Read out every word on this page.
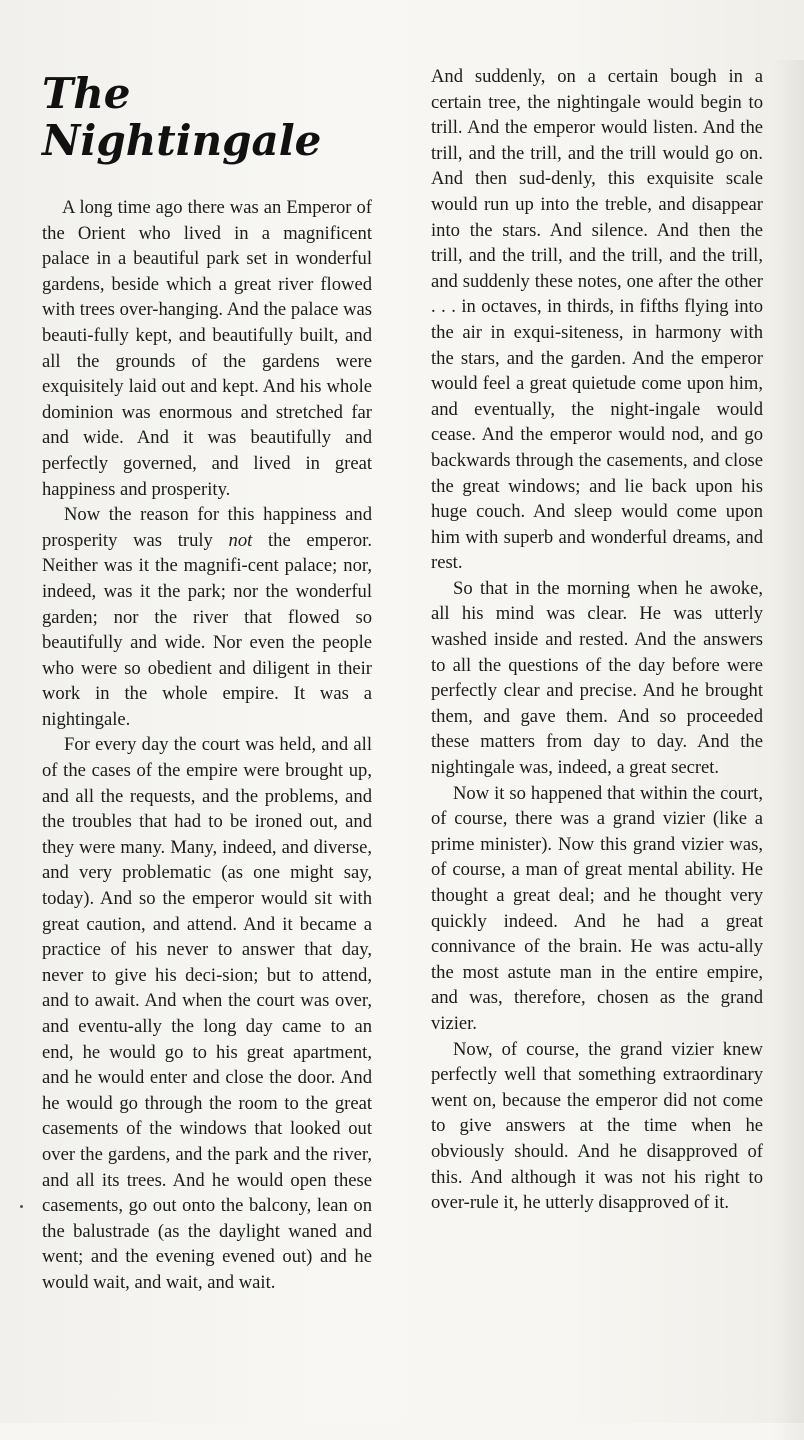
The
Nightingale

A long time ago there was an Emperor of the Orient who lived in a magnificent palace in a beautiful park set in wonderful gardens, beside which a great river flowed with trees over-hanging. And the palace was beauti-fully kept, and beautifully built, and all the grounds of the gardens were exquisitely laid out and kept. And his whole dominion was enormous and stretched far and wide. And it was beautifully and perfectly governed, and lived in great happiness and prosperity.

Now the reason for this happiness and prosperity was truly not the emperor. Neither was it the magnifi-cent palace; nor, indeed, was it the park; nor the wonderful garden; nor the river that flowed so beautifully and wide. Nor even the people who were so obedient and diligent in their work in the whole empire. It was a nightingale.

For every day the court was held, and all of the cases of the empire were brought up, and all the requests, and the problems, and the troubles that had to be ironed out, and they were many. Many, indeed, and diverse, and very problematic (as one might say, today). And so the emperor would sit with great caution, and attend. And it became a practice of his never to answer that day, never to give his deci-sion; but to attend, and to await. And when the court was over, and eventu-ally the long day came to an end, he would go to his great apartment, and he would enter and close the door. And he would go through the room to the great casements of the windows that looked out over the gardens, and the park and the river, and all its trees. And he would open these casements, go out onto the balcony, lean on the balustrade (as the daylight waned and went; and the evening evened out) and he would wait, and wait, and wait.

And suddenly, on a certain bough in a certain tree, the nightingale would begin to trill. And the emperor would listen. And the trill, and the trill, and the trill would go on. And then sud-denly, this exquisite scale would run up into the treble, and disappear into the stars. And silence. And then the trill, and the trill, and the trill, and the trill, and suddenly these notes, one after the other . . . in octaves, in thirds, in fifths flying into the air in exqui-siteness, in harmony with the stars, and the garden. And the emperor would feel a great quietude come upon him, and eventually, the night-ingale would cease. And the emperor would nod, and go backwards through the casements, and close the great windows; and lie back upon his huge couch. And sleep would come upon him with superb and wonderful dreams, and rest.

So that in the morning when he awoke, all his mind was clear. He was utterly washed inside and rested. And the answers to all the questions of the day before were perfectly clear and precise. And he brought them, and gave them. And so proceeded these matters from day to day. And the nightingale was, indeed, a great secret.

Now it so happened that within the court, of course, there was a grand vizier (like a prime minister). Now this grand vizier was, of course, a man of great mental ability. He thought a great deal; and he thought very quickly indeed. And he had a great connivance of the brain. He was actu-ally the most astute man in the entire empire, and was, therefore, chosen as the grand vizier.

Now, of course, the grand vizier knew perfectly well that something extraordinary went on, because the emperor did not come to give answers at the time when he obviously should. And he disapproved of this. And although it was not his right to over-rule it, he utterly disapproved of it.
